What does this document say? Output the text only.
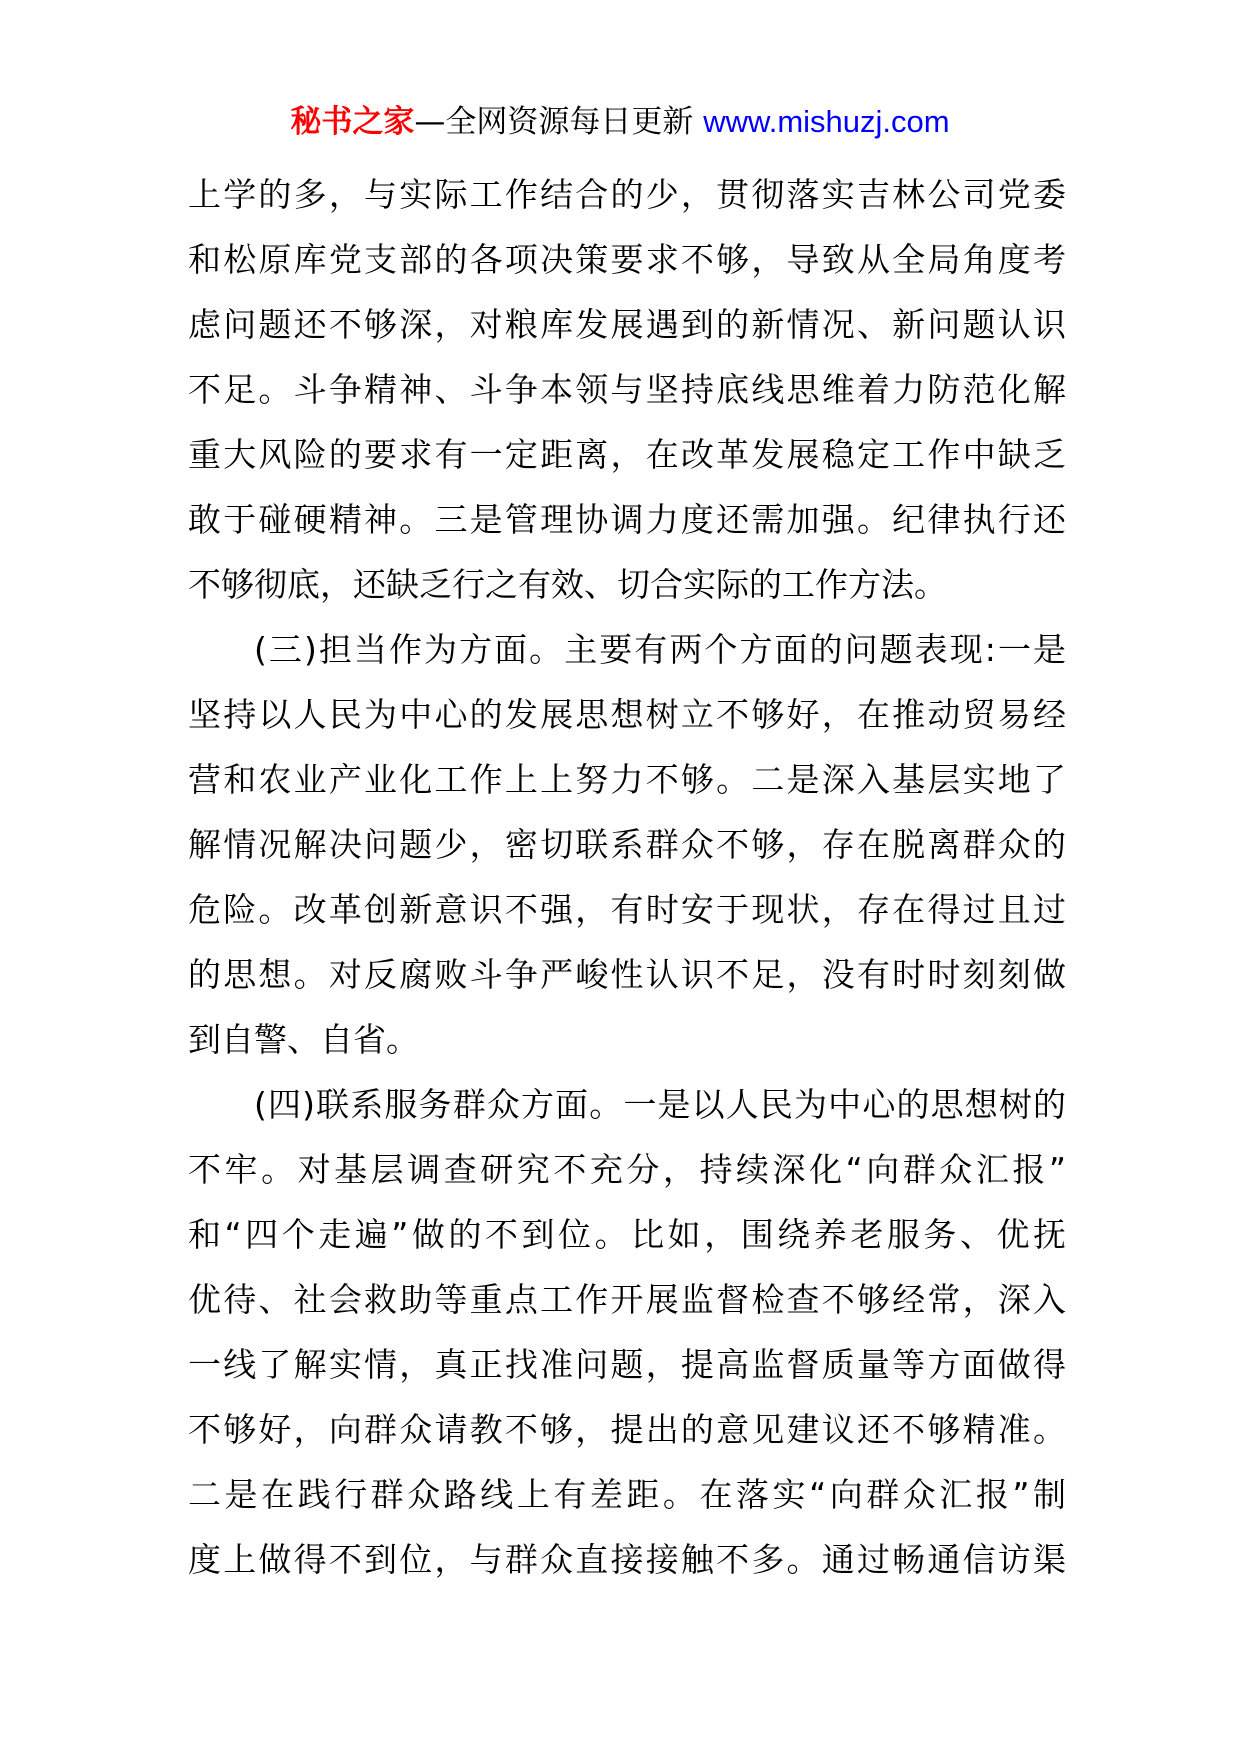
秘书之家—全网资源每日更新 www.mishuzj.com
上学的多，与实际工作结合的少，贯彻落实吉林公司党委
和松原库党支部的各项决策要求不够，导致从全局角度考
虑问题还不够深，对粮库发展遇到的新情况、新问题认识
不足。斗争精神、斗争本领与坚持底线思维着力防范化解
重大风险的要求有一定距离，在改革发展稳定工作中缺乏
敢于碰硬精神。三是管理协调力度还需加强。纪律执行还
不够彻底，还缺乏行之有效、切合实际的工作方法。
(三)担当作为方面。主要有两个方面的问题表现:一是
坚持以人民为中心的发展思想树立不够好，在推动贸易经
营和农业产业化工作上上努力不够。二是深入基层实地了
解情况解决问题少，密切联系群众不够，存在脱离群众的
危险。改革创新意识不强，有时安于现状，存在得过且过
的思想。对反腐败斗争严峻性认识不足，没有时时刻刻做
到自警、自省。
(四)联系服务群众方面。一是以人民为中心的思想树的
不牢。对基层调查研究不充分，持续深化“向群众汇报”
和“四个走遍”做的不到位。比如，围绕养老服务、优抚
优待、社会救助等重点工作开展监督检查不够经常，深入
一线了解实情，真正找准问题，提高监督质量等方面做得
不够好，向群众请教不够，提出的意见建议还不够精准。
二是在践行群众路线上有差距。在落实“向群众汇报”制
度上做得不到位，与群众直接接触不多。通过畅通信访渠
